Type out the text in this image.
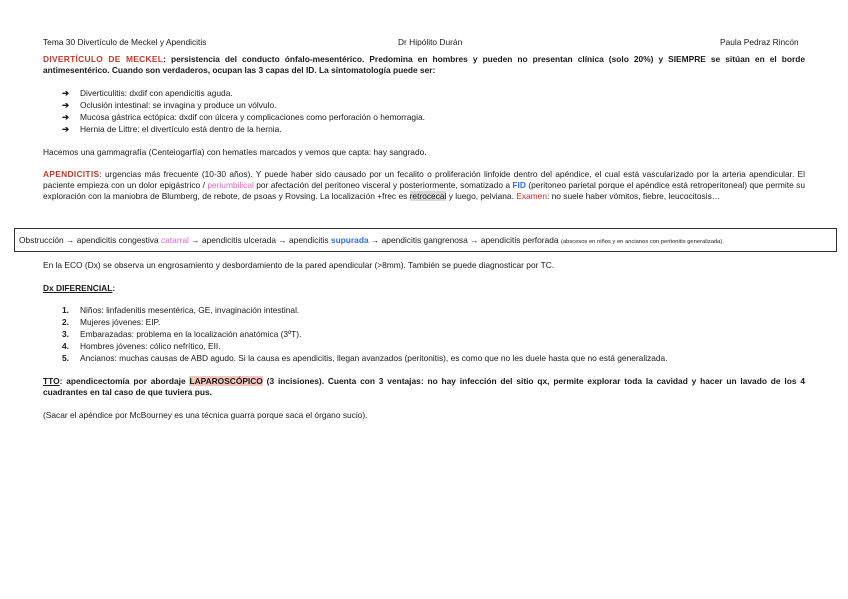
Tema 30 Divertículo de Meckel y Apendicitis	Dr Hipólito Durán	Paula Pedraz Rincón
DIVERTÍCULO DE MECKEL: persistencia del conducto ónfalo-mesentérico. Predomina en hombres y pueden no presentan clínica (solo 20%) y SIEMPRE se sitúan en el borde antimesentérico. Cuando son verdaderos, ocupan las 3 capas del ID. La sintomatología puede ser:
➔ Diverticulitis: dxdif con apendicitis aguda.
➔ Oclusión intestinal: se invagina y produce un vólvulo.
➔ Mucosa gástrica ectópica: dxdif con úlcera y complicaciones como perforación o hemorragia.
➔ Hernia de Littre: el divertículo está dentro de la hernia.
Hacemos una gammagrafía (Centeiogarfía) con hematíes marcados y vemos que capta: hay sangrado.
APENDICITIS: urgencias más frecuente (10-30 años). Y puede haber sido causado por un fecalito o proliferación linfoide dentro del apéndice, el cual está vascularizado por la arteria apendicular. El paciente empieza con un dolor epigástrico / periumbilical por afectación del peritoneo visceral y posteriormente, somatizado a FID (peritoneo parietal porque el apéndice está retroperitoneal) que permite su exploración con la maniobra de Blumberg, de rebote, de psoas y Rovsing. La localización +frec es retrocecal y luego, pelviana. Examen: no suele haber vómitos, fiebre, leucocitosis…
Obstrucción → apendicitis congestiva catarral → apendicitis ulcerada → apendicitis supurada → apendicitis gangrenosa → apendicitis perforada (abscesos en niños y en ancianos con peritonitis generalizada).
En la ECO (Dx) se observa un engrosamiento y desbordamiento de la pared apendicular (>8mm). También se puede diagnosticar por TC.
Dx DIFERENCIAL:
1. Niños: linfadenitis mesentérica, GE, invaginación intestinal.
2. Mujeres jóvenes: EIP.
3. Embarazadas: problema en la localización anatómica (3ºT).
4. Hombres jóvenes: cólico nefrítico, EII.
5. Ancianos: muchas causas de ABD agudo. Si la causa es apendicitis, llegan avanzados (peritonitis), es como que no les duele hasta que no está generalizada.
TTO: apendicectomía por abordaje LAPAROSCÓPICO (3 incisiones). Cuenta con 3 ventajas: no hay infección del sitio qx, permite explorar toda la cavidad y hacer un lavado de los 4 cuadrantes en tal caso de que tuviera pus.
(Sacar el apéndice por McBourney es una técnica guarra porque saca el órgano sucio).
